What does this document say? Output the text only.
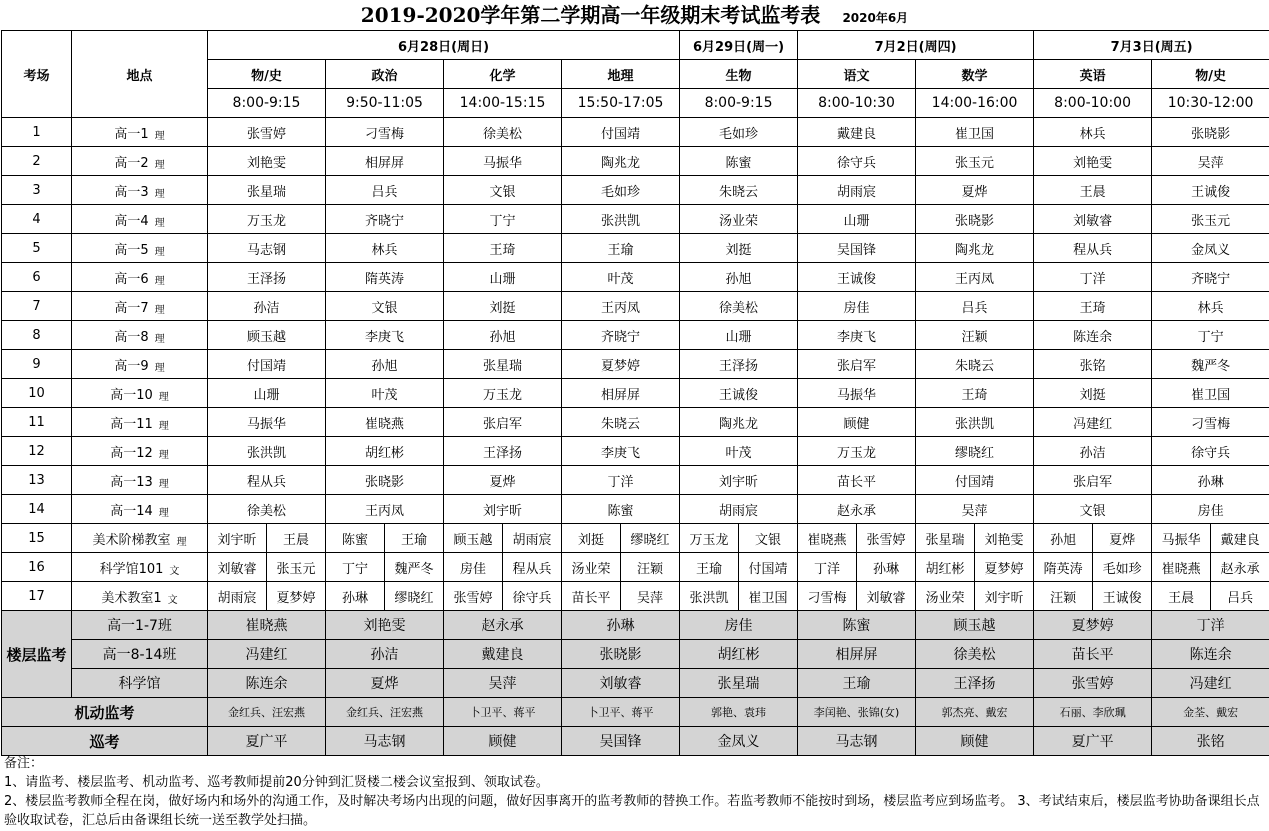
2019-2020学年第二学期高一年级期末考试监考表 2020年6月
考场	地点	6月28日(周日)								6月29日(周一)		7月2日(周四)				7月3日(周五)			
		物/史		政治		化学		地理		生物		语文		数学		英语		物/史	
		8:00-9:15		9:50-11:05		14:00-15:15		15:50-17:05		8:00-9:15		8:00-10:30		14:00-16:00		8:00-10:00		10:30-12:00	
1	高一1 理	张雪婷		刁雪梅		徐美松		付国靖		毛如珍		戴建良		崔卫国		林兵		张晓影	
2	高一2 理	刘艳雯		相屏屏		马振华		陶兆龙		陈蜜		徐守兵		张玉元		刘艳雯		吴萍	
3	高一3 理	张星瑞		吕兵		文银		毛如珍		朱晓云		胡雨宸		夏烨		王晨		王诚俊	
4	高一4 理	万玉龙		齐晓宁		丁宁		张洪凯		汤业荣		山珊		张晓影		刘敏睿		张玉元	
5	高一5 理	马志钢		林兵		王琦		王瑜		刘挺		吴国锋		陶兆龙		程从兵		金凤义	
6	高一6 理	王泽扬		隋英涛		山珊		叶茂		孙旭		王诚俊		王丙凤		丁洋		齐晓宁	
7	高一7 理	孙洁		文银		刘挺		王丙凤		徐美松		房佳		吕兵		王琦		林兵	
8	高一8 理	顾玉越		李庚飞		孙旭		齐晓宁		山珊		李庚飞		汪颖		陈连余		丁宁	
9	高一9 理	付国靖		孙旭		张星瑞		夏梦婷		王泽扬		张启军		朱晓云		张铭		魏严冬	
10	高一10 理	山珊		叶茂		万玉龙		相屏屏		王诚俊		马振华		王琦		刘挺		崔卫国	
11	高一11 理	马振华		崔晓燕		张启军		朱晓云		陶兆龙		顾健		张洪凯		冯建红		刁雪梅	
12	高一12 理	张洪凯		胡红彬		王泽扬		李庚飞		叶茂		万玉龙		缪晓红		孙洁		徐守兵	
13	高一13 理	程从兵		张晓影		夏烨		丁洋		刘宇昕		苗长平		付国靖		张启军		孙琳	
14	高一14 理	徐美松		王丙凤		刘宇昕		陈蜜		胡雨宸		赵永承		吴萍		文银		房佳	
15	美术阶梯教室 理	刘宇昕	王晨	陈蜜	王瑜	顾玉越	胡雨宸	刘挺	缪晓红	万玉龙	文银	崔晓燕	张雪婷	张星瑞	刘艳雯	孙旭	夏烨	马振华	戴建良
16	科学馆101 文	刘敏睿	张玉元	丁宁	魏严冬	房佳	程从兵	汤业荣	汪颖	王瑜	付国靖	丁洋	孙琳	胡红彬	夏梦婷	隋英涛	毛如珍	崔晓燕	赵永承
17	美术教室1 文	胡雨宸	夏梦婷	孙琳	缪晓红	张雪婷	徐守兵	苗长平	吴萍	张洪凯	崔卫国	刁雪梅	刘敏睿	汤业荣	刘宇昕	汪颖	王诚俊	王晨	吕兵
楼层监考	高一1-7班	崔晓燕		刘艳雯		赵永承		孙琳		房佳		陈蜜		顾玉越		夏梦婷		丁洋	
	高一8-14班	冯建红		孙洁		戴建良		张晓影		胡红彬		相屏屏		徐美松		苗长平		陈连余	
	科学馆	陈连余		夏烨		吴萍		刘敏睿		张星瑞		王瑜		王泽扬		张雪婷		冯建红	
机动监考		金红兵、汪宏燕		金红兵、汪宏燕		卜卫平、蒋平		卜卫平、蒋平		郭艳、袁玮		李闰艳、张锦(女)		郭杰亮、戴宏		石丽、李欣珮		金荃、戴宏	
巡考		夏广平		马志钢		顾健		吴国锋		金凤义		马志钢		顾健		夏广平		张铭	
备注：
1、请监考、楼层监考、机动监考、巡考教师提前20分钟到汇贤楼二楼会议室报到、领取试卷。
2、楼层监考教师全程在岗，做好场内和场外的沟通工作，及时解决考场内出现的问题，做好因事离开的监考教师的替换工作。若监考教师不能按时到场，楼层监考应到场监考。 3、考试结束后，楼层监考协助备课组长点验收取试卷，汇总后由备课组长统一送至教学处扫描。
